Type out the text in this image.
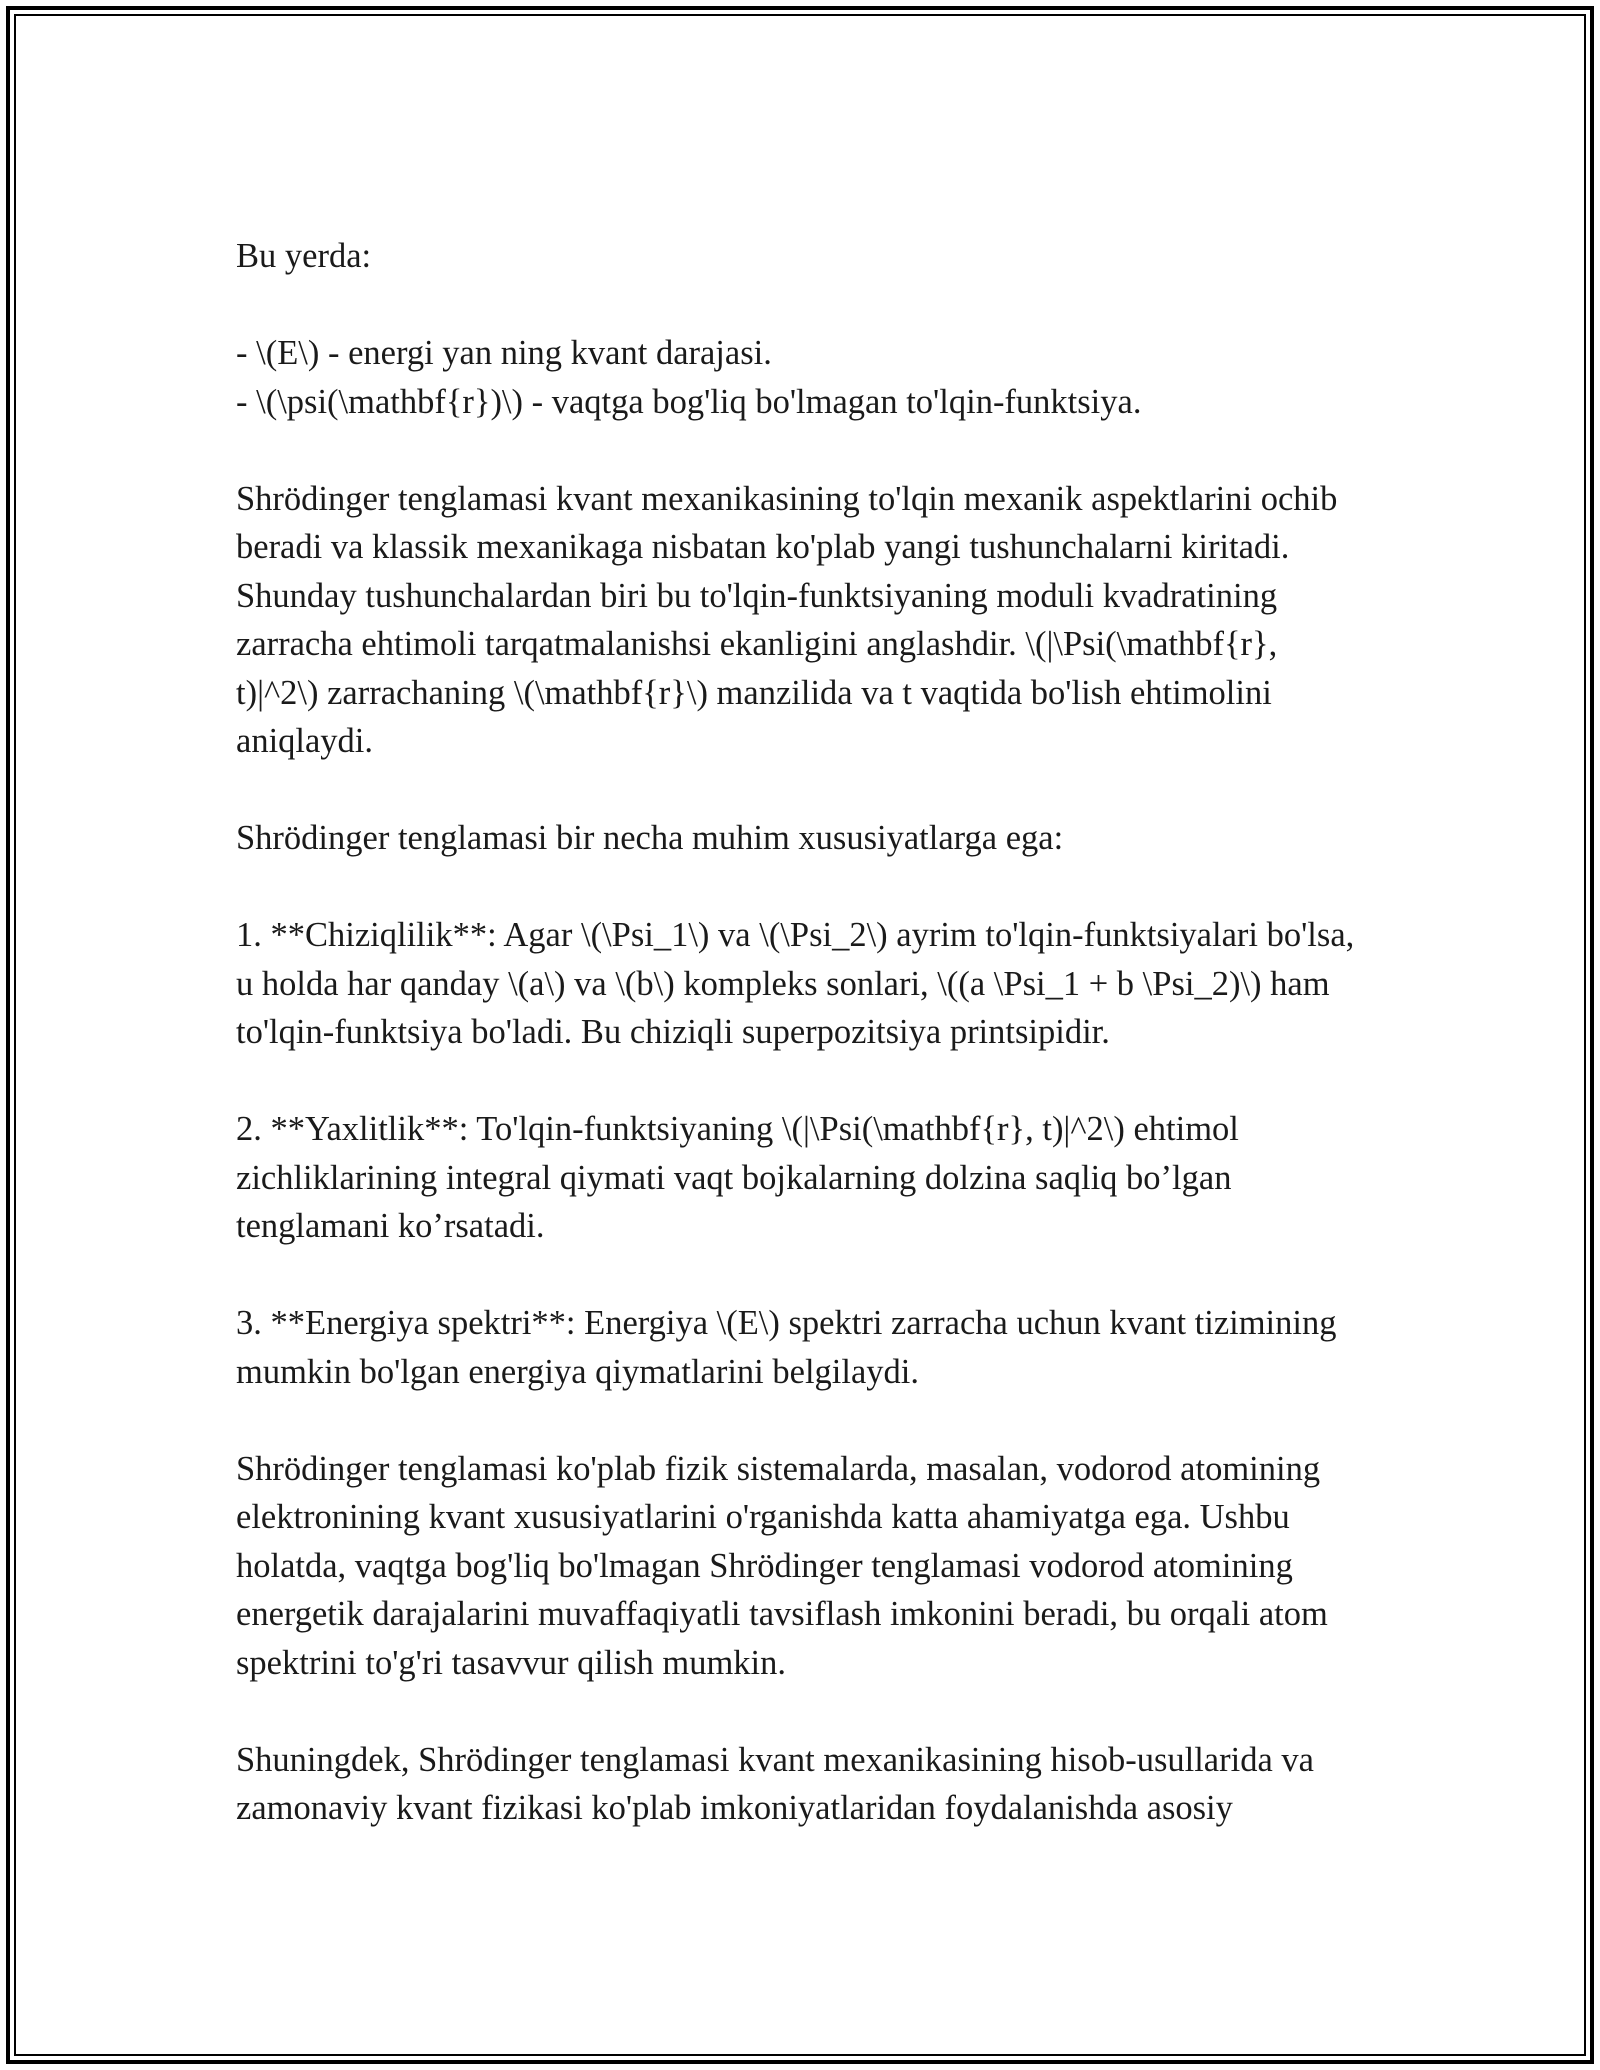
Bu yerda:

- \(E\) - energi yan ning kvant darajasi.

- \(\psi(\mathbf{r})\) - vaqtga bog'liq bo'lmagan to'lqin-funktsiya.

Shrödinger tenglamasi kvant mexanikasining to'lqin mexanik aspektlarini ochib beradi va klassik mexanikaga nisbatan ko'plab yangi tushunchalarni kiritadi. Shunday tushunchalardan biri bu to'lqin-funktsiyaning moduli kvadratining zarracha ehtimoli tarqatmalanishsi ekanligini anglashdir. \(|\Psi(\mathbf{r}, t)|^2\) zarrachaning \(\mathbf{r}\) manzilida va t vaqtida bo'lish ehtimolini aniqlaydi.

Shrödinger tenglamasi bir necha muhim xususiyatlarga ega:

1. **Chiziqlilik**: Agar \(\Psi_1\) va \(\Psi_2\) ayrim to'lqin-funktsiyalari bo'lsa, u holda har qanday \(a\) va \(b\) kompleks sonlari, \((a \Psi_1 + b \Psi_2)\) ham to'lqin-funktsiya bo'ladi. Bu chiziqli superpozitsiya printsipidir.

2. **Yaxlitlik**: To'lqin-funktsiyaning \(|\Psi(\mathbf{r}, t)|^2\) ehtimol zichliklarining integral qiymati vaqt bojkalarning dolzina saqliq bo’lgan tenglamani ko’rsatadi.

3. **Energiya spektri**: Energiya \(E\) spektri zarracha uchun kvant tizimining mumkin bo'lgan energiya qiymatlarini belgilaydi.

Shrödinger tenglamasi ko'plab fizik sistemalarda, masalan, vodorod atomining elektronining kvant xususiyatlarini o'rganishda katta ahamiyatga ega. Ushbu holatda, vaqtga bog'liq bo'lmagan Shrödinger tenglamasi vodorod atomining energetik darajalarini muvaffaqiyatli tavsiflash imkonini beradi, bu orqali atom spektrini to'g'ri tasavvur qilish mumkin.

Shuningdek, Shrödinger tenglamasi kvant mexanikasining hisob-usullarida va zamonaviy kvant fizikasi ko'plab imkoniyatlaridan foydalanishda asosiy
